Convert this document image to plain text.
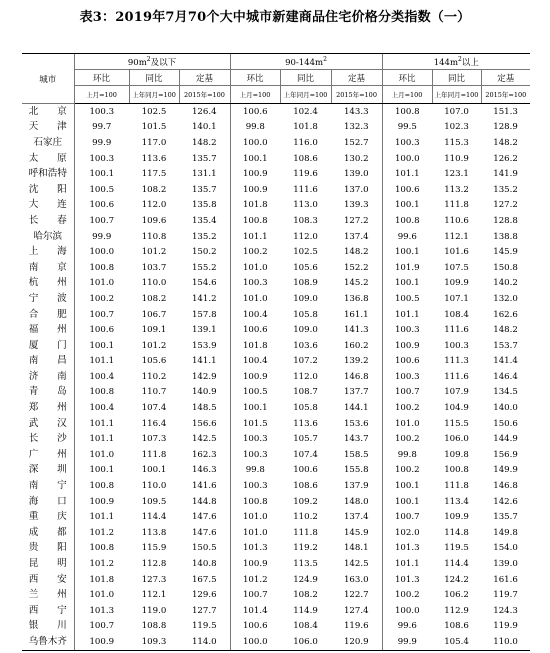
表3：2019年7月70个大中城市新建商品住宅价格分类指数（一）
城市	$90m^2$及以下			$90-144m^2$			$144m^2$以上		
	环比	同比	定基	环比	同比	定基	环比	同比	定基
	上月=100	上年同月=100	2015年=100	上月=100	上年同月=100	2015年=100	上月=100	上年同月=100	2015年=100

北 京	100.3	102.5	126.4	100.6	102.4	143.3	100.8	107.0	151.3

天 津	99.7	101.5	140.1	99.8	101.8	132.3	99.5	102.3	128.9
石家庄	99.9	117.0	148.2	100.0	116.0	152.7	100.3	115.3	148.2

太 原	100.3	113.6	135.7	100.1	108.6	130.2	100.0	110.9	126.2
呼和浩特	100.1	117.5	131.1	100.9	119.6	139.0	101.1	123.1	141.9

沈 阳	100.5	108.2	135.7	100.9	111.6	137.0	100.6	113.2	135.2

大 连	100.6	112.0	135.8	101.8	113.0	139.3	100.1	111.8	127.2

长 春	100.7	109.6	135.4	100.8	108.3	127.2	100.8	110.6	128.8
哈尔滨	99.9	110.8	135.2	101.1	112.0	137.4	99.6	112.1	138.8

上 海	100.0	101.2	150.2	100.2	102.5	148.2	100.1	101.6	145.9

南 京	100.8	103.7	155.2	101.0	105.6	152.2	101.9	107.5	150.8

杭 州	101.0	110.0	154.6	100.3	108.9	145.2	100.1	109.9	140.2

宁 波	100.2	108.2	141.2	101.0	109.0	136.8	100.5	107.1	132.0

合 肥	100.7	106.7	157.8	100.4	105.8	161.1	101.1	108.4	162.6

福 州	100.6	109.1	139.1	100.6	109.0	141.3	100.3	111.6	148.2

厦 门	100.1	101.2	153.9	101.8	103.6	160.2	100.9	100.3	153.7

南 昌	101.1	105.6	141.1	100.4	107.2	139.2	100.6	111.3	141.4

济 南	100.4	110.2	142.9	100.9	112.0	146.8	100.3	111.6	146.4

青 岛	100.8	110.7	140.9	100.5	108.7	137.7	100.7	107.9	134.5

郑 州	100.4	107.4	148.5	100.1	105.8	144.1	100.2	104.9	140.0

武 汉	101.1	116.4	156.6	101.5	113.6	153.6	101.0	115.5	150.6

长 沙	101.1	107.3	142.5	100.3	105.7	143.7	100.2	106.0	144.9

广 州	101.0	111.8	162.3	100.3	107.4	158.5	99.8	109.8	156.9

深 圳	100.1	100.1	146.3	99.8	100.6	155.8	100.2	100.8	149.9

南 宁	100.8	110.0	141.6	100.3	108.6	137.9	100.1	111.8	146.8

海 口	100.9	109.5	144.8	100.8	109.2	148.0	100.1	113.4	142.6

重 庆	101.1	114.4	147.6	101.0	110.2	137.4	100.7	109.9	135.7

成 都	101.2	113.8	147.6	101.0	111.8	145.9	102.0	114.8	149.8

贵 阳	100.8	115.9	150.5	101.3	119.2	148.1	101.3	119.5	154.0

昆 明	101.2	112.8	140.8	100.9	113.5	142.5	101.1	114.4	139.0

西 安	101.8	127.3	167.5	101.2	124.9	163.0	101.3	124.2	161.6

兰 州	101.0	112.1	129.6	100.7	108.2	122.7	100.2	106.2	119.7

西 宁	101.3	119.0	127.7	101.4	114.9	127.4	100.0	112.9	124.3

银 川	100.7	108.8	119.5	100.6	108.4	119.6	99.6	108.6	119.9
乌鲁木齐	100.9	109.3	114.0	100.0	106.0	120.9	99.9	105.4	110.0
